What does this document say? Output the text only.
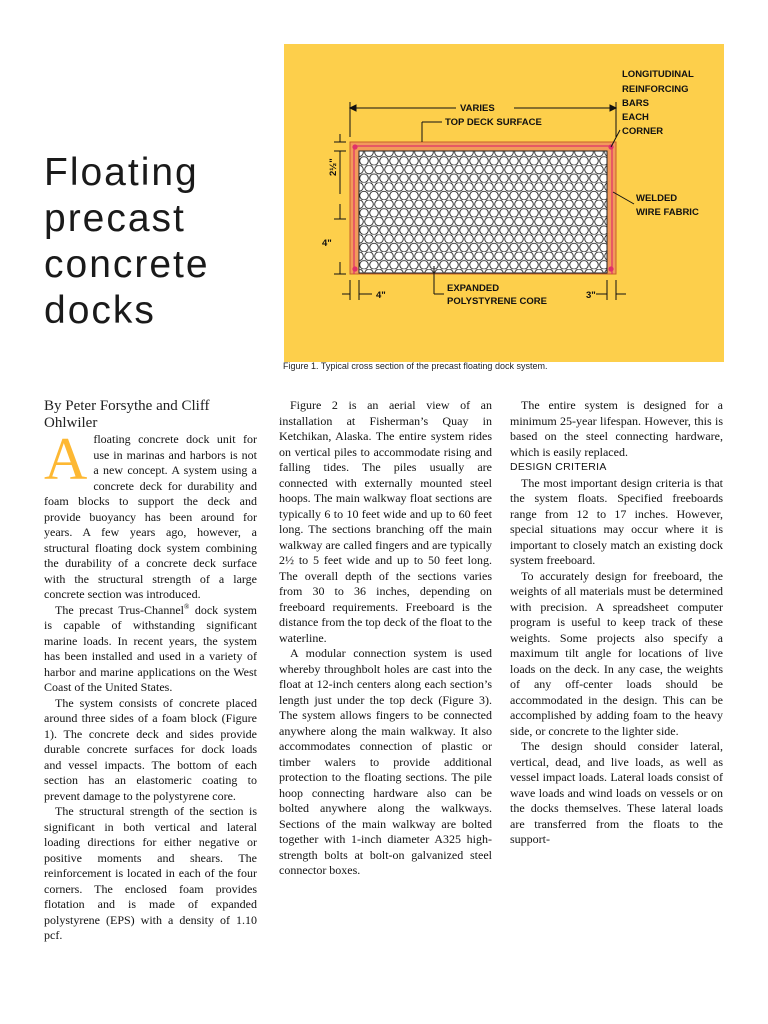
Floating
precast
concrete
docks
VARIES
TOP DECK SURFACE
LONGITUDINAL
REINFORCING
BARS
EACH
CORNER
WELDED
WIRE FABRIC
2½"
4"
4"	3"
EXPANDED
POLYSTYRENE CORE

Figure 1. Typical cross section of the precast floating dock system.

By Peter Forsythe and Cliff Ohlwiler

Afloating concrete dock unit for use in marinas and harbors is not a new concept. A system using a concrete deck for durability and foam blocks to support the deck and provide buoyancy has been around for years. A few years ago, however, a structural floating dock system combining the durability of a concrete deck surface with the structural strength of a large concrete section was introduced.

The precast Trus-Channel® dock system is capable of withstanding significant marine loads. In recent years, the system has been installed and used in a variety of harbor and marine applications on the West Coast of the United States.

The system consists of concrete placed around three sides of a foam block (Figure 1). The concrete deck and sides provide durable concrete surfaces for dock loads and vessel impacts. The bottom of each section has an elastomeric coating to prevent damage to the polystyrene core.

The structural strength of the section is significant in both vertical and lateral loading directions for either negative or positive moments and shears. The reinforcement is located in each of the four corners. The enclosed foam provides flotation and is made of expanded polystyrene (EPS) with a density of 1.10 pcf.

Figure 2 is an aerial view of an installation at Fisherman’s Quay in Ketchikan, Alaska. The entire system rides on vertical piles to accommodate rising and falling tides. The piles usually are connected with externally mounted steel hoops. The main walkway float sections are typically 6 to 10 feet wide and up to 60 feet long. The sections branching off the main walkway are called fingers and are typically 2½ to 5 feet wide and up to 50 feet long. The overall depth of the sections varies from 30 to 36 inches, depending on freeboard requirements. Freeboard is the distance from the top deck of the float to the waterline.

A modular connection system is used whereby throughbolt holes are cast into the float at 12-inch centers along each section’s length just under the top deck (Figure 3). The system allows fingers to be connected anywhere along the main walkway. It also accommodates connection of plastic or timber walers to provide additional protection to the floating sections. The pile hoop connecting hardware also can be bolted anywhere along the walkways. Sections of the main walkway are bolted together with 1-inch diameter A325 high-strength bolts at bolt-on galvanized steel connector boxes.

The entire system is designed for a minimum 25-year lifespan. However, this is based on the steel connecting hardware, which is easily replaced.

DESIGN CRITERIA

The most important design criteria is that the system floats. Specified freeboards range from 12 to 17 inches. However, special situations may occur where it is important to closely match an existing dock system freeboard.

To accurately design for freeboard, the weights of all materials must be determined with precision. A spreadsheet computer program is useful to keep track of these weights. Some projects also specify a maximum tilt angle for locations of live loads on the deck. In any case, the weights of any off-center loads should be accommodated in the design. This can be accomplished by adding foam to the heavy side, or concrete to the lighter side.

The design should consider lateral, vertical, dead, and live loads, as well as vessel impact loads. Lateral loads consist of wave loads and wind loads on vessels or on the docks themselves. These lateral loads are transferred from the floats to the support-
